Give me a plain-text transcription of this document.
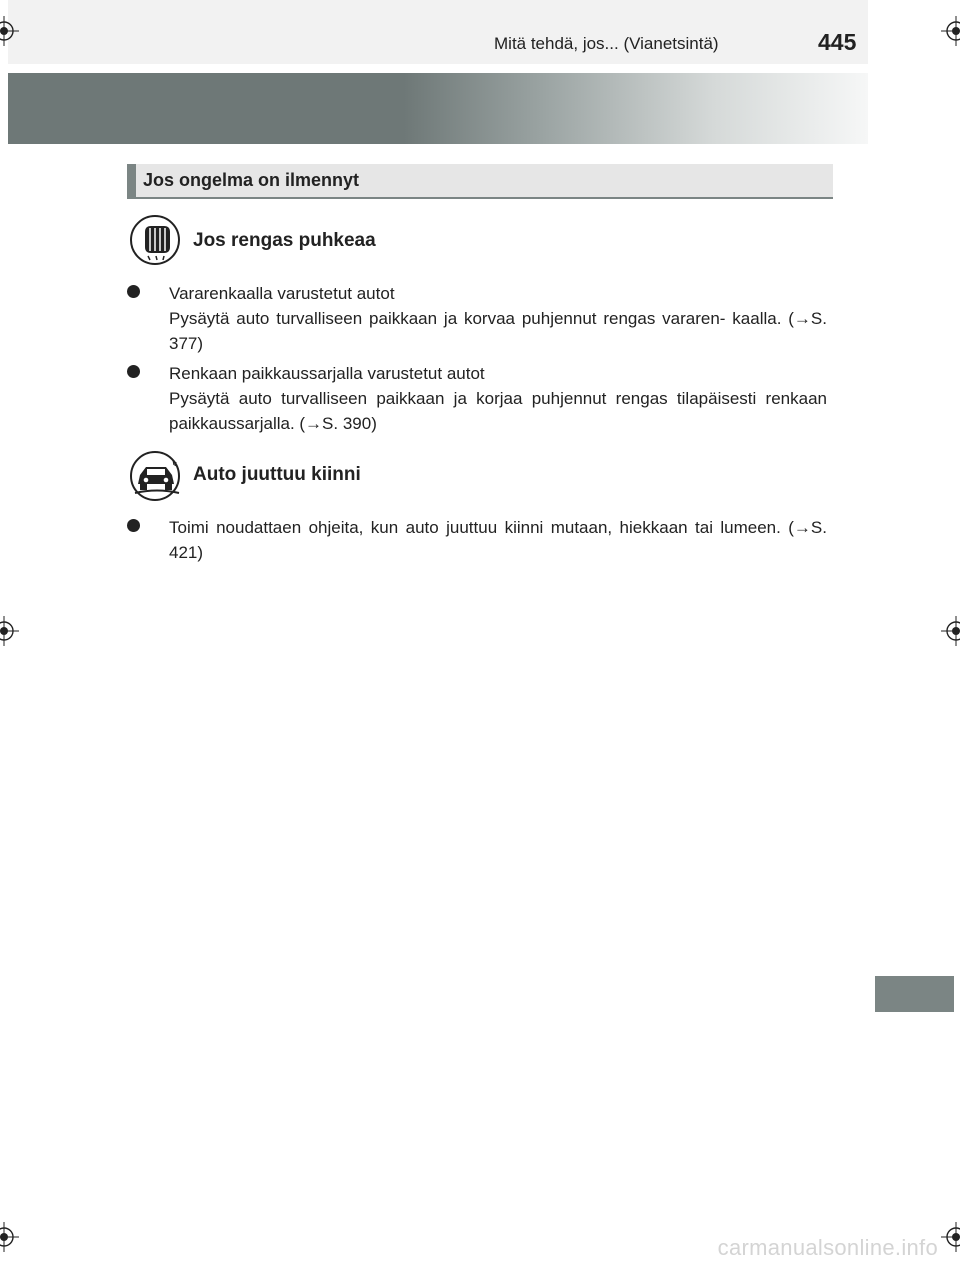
Mitä tehdä, jos... (Vianetsintä)	445
Jos ongelma on ilmennyt
Jos rengas puhkeaa

Vararenkaalla varustetut autot

Pysäytä auto turvalliseen paikkaan ja korvaa puhjennut rengas vararen- kaalla. (→S. 377)

Renkaan paikkaussarjalla varustetut autot

Pysäytä auto turvalliseen paikkaan ja korjaa puhjennut rengas tilapäisesti renkaan paikkaussarjalla. (→S. 390)

Auto juuttuu kiinni

Toimi noudattaen ohjeita, kun auto juuttuu kiinni mutaan, hiekkaan tai lumeen. (→S. 421)

carmanualsonline.info
